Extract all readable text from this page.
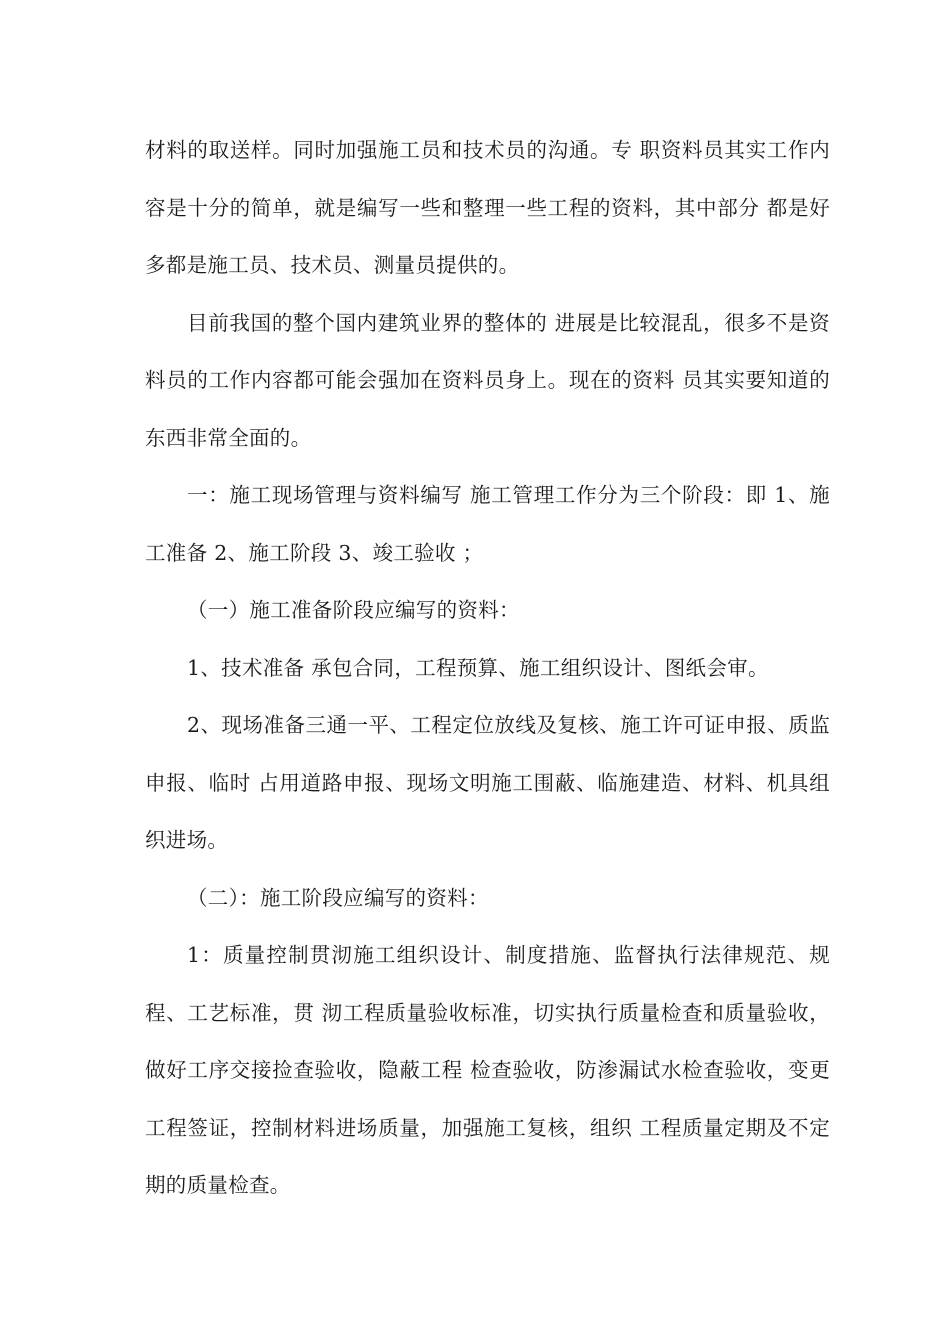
材料的取送样。同时加强施工员和技术员的沟通。专 职资料员其实工作内容是十分的简单，就是编写一些和整理一些工程的资料，其中部分 都是好多都是施工员、技术员、测量员提供的。

目前我国的整个国内建筑业界的整体的 进展是比较混乱，很多不是资料员的工作内容都可能会强加在资料员身上。现在的资料 员其实要知道的东西非常全面的。

一：施工现场管理与资料编写 施工管理工作分为三个阶段：即 1、施工准备 2、施工阶段 3、竣工验收 ；

（一）施工准备阶段应编写的资料：

1、技术准备 承包合同，工程预算、施工组织设计、图纸会审。

2、现场准备三通一平、工程定位放线及复核、施工许可证申报、质监申报、临时 占用道路申报、现场文明施工围蔽、临施建造、材料、机具组织进场。

（二）：施工阶段应编写的资料：

1：质量控制贯沏施工组织设计、制度措施、监督执行法律规范、规程、工艺标准，贯 沏工程质量验收标准，切实执行质量检查和质量验收，做好工序交接捡查验收，隐蔽工程 检查验收，防渗漏试水检查验收，变更工程签证，控制材料进场质量，加强施工复核，组织 工程质量定期及不定期的质量检查。
